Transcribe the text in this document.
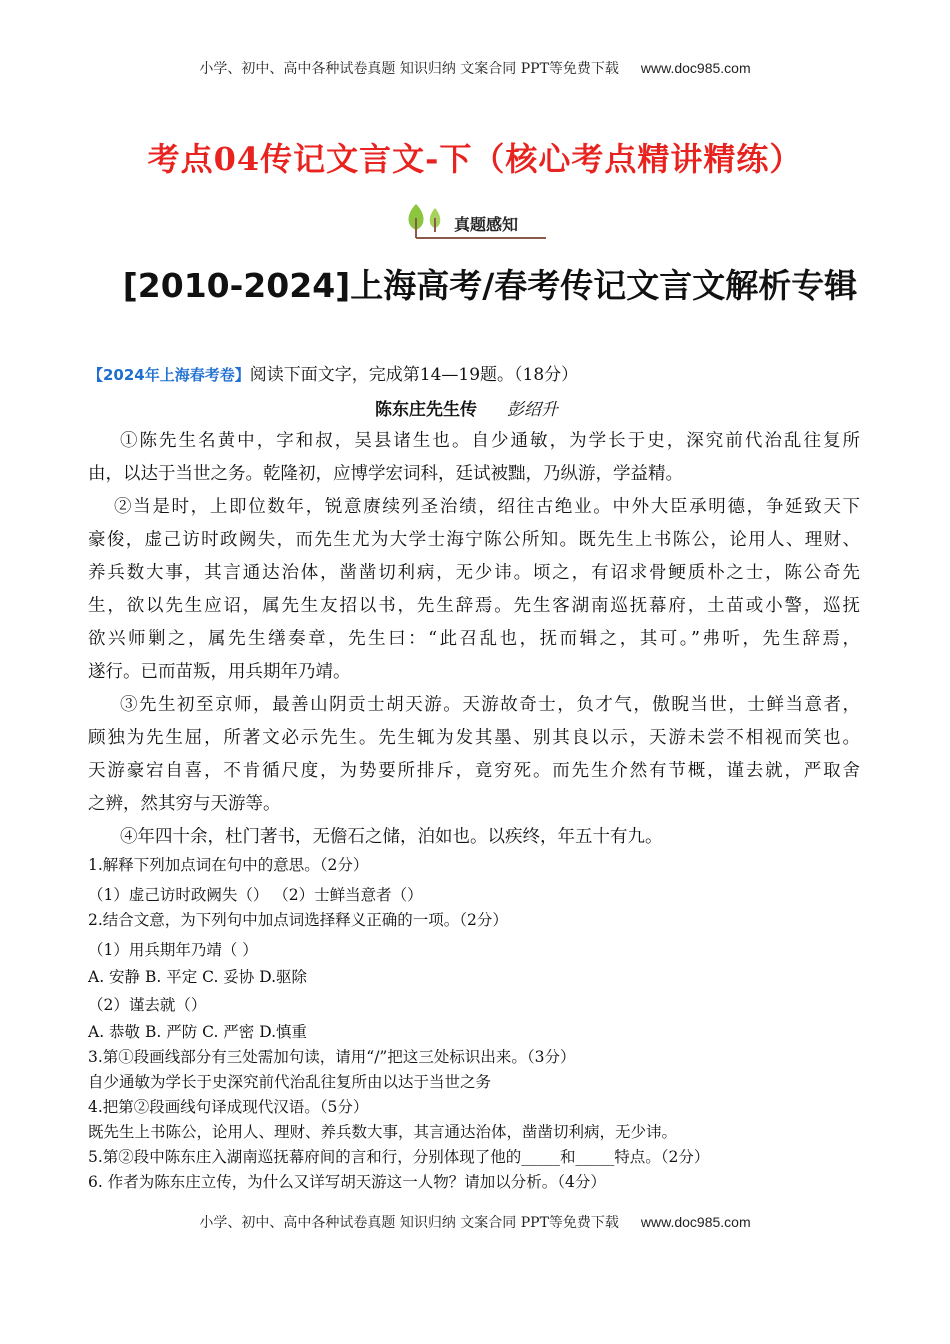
小学、初中、高中各种试卷真题 知识归纳 文案合同 PPT等免费下载 www.doc985.com
考点04传记文言文-下（核心考点精讲精练）
真题感知
[2010-2024]上海高考/春考传记文言文解析专辑
【2024年上海春考卷】阅读下面文字，完成第14—19题。（18分）
陈东庄先生传 彭绍升
①陈先生名黄中，字和叔，吴县诸生也。自少通敏，为学长于史，深究前代治乱往复所
由，以达于当世之务。乾隆初，应博学宏词科，廷试被黜，乃纵游，学益精。
②当是时，上即位数年，锐意赓续列圣治绩，绍往古绝业。中外大臣承明德，争延致天下
豪俊，虚己访时政阙失，而先生尤为大学士海宁陈公所知。既先生上书陈公，论用人、理财、
养兵数大事，其言通达治体，凿凿切利病，无少讳。顷之，有诏求骨鲠质朴之士，陈公奇先
生，欲以先生应诏，属先生友招以书，先生辞焉。先生客湖南巡抚幕府，土苗或小警，巡抚
欲兴师剿之，属先生缮奏章，先生曰：“此召乱也，抚而辑之，其可。”弗听，先生辞焉，
遂行。已而苗叛，用兵期年乃靖。
③先生初至京师，最善山阴贡士胡天游。天游故奇士，负才气，傲睨当世，士鲜当意者，
顾独为先生屈，所著文必示先生。先生辄为发其墨、别其良以示，天游未尝不相视而笑也。
天游豪宕自喜，不肯循尺度，为势要所排斥，竟穷死。而先生介然有节概，谨去就，严取舍
之辨，然其穷与天游等。
④年四十余，杜门著书，无儋石之储，泊如也。以疾终，年五十有九。
1.解释下列加点词在句中的意思。（2分）
（1）虚己访时政阙失（） （2）士鲜当意者（）
2.结合文意，为下列句中加点词选择释义正确的一项。（2分）
（1）用兵期年乃靖（ ）
A. 安静 B. 平定 C. 妥协 D.驱除
（2）谨去就（）
A. 恭敬 B. 严防 C. 严密 D.慎重
3.第①段画线部分有三处需加句读，请用“/”把这三处标识出来。（3分）
自少通敏为学长于史深究前代治乱往复所由以达于当世之务
4.把第②段画线句译成现代汉语。（5分）
既先生上书陈公，论用人、理财、养兵数大事，其言通达治体，凿凿切利病，无少讳。
5.第②段中陈东庄入湖南巡抚幕府间的言和行，分别体现了他的_____和_____特点。（2分）
6. 作者为陈东庄立传，为什么又详写胡天游这一人物？请加以分析。（4分）
小学、初中、高中各种试卷真题 知识归纳 文案合同 PPT等免费下载 www.doc985.com
